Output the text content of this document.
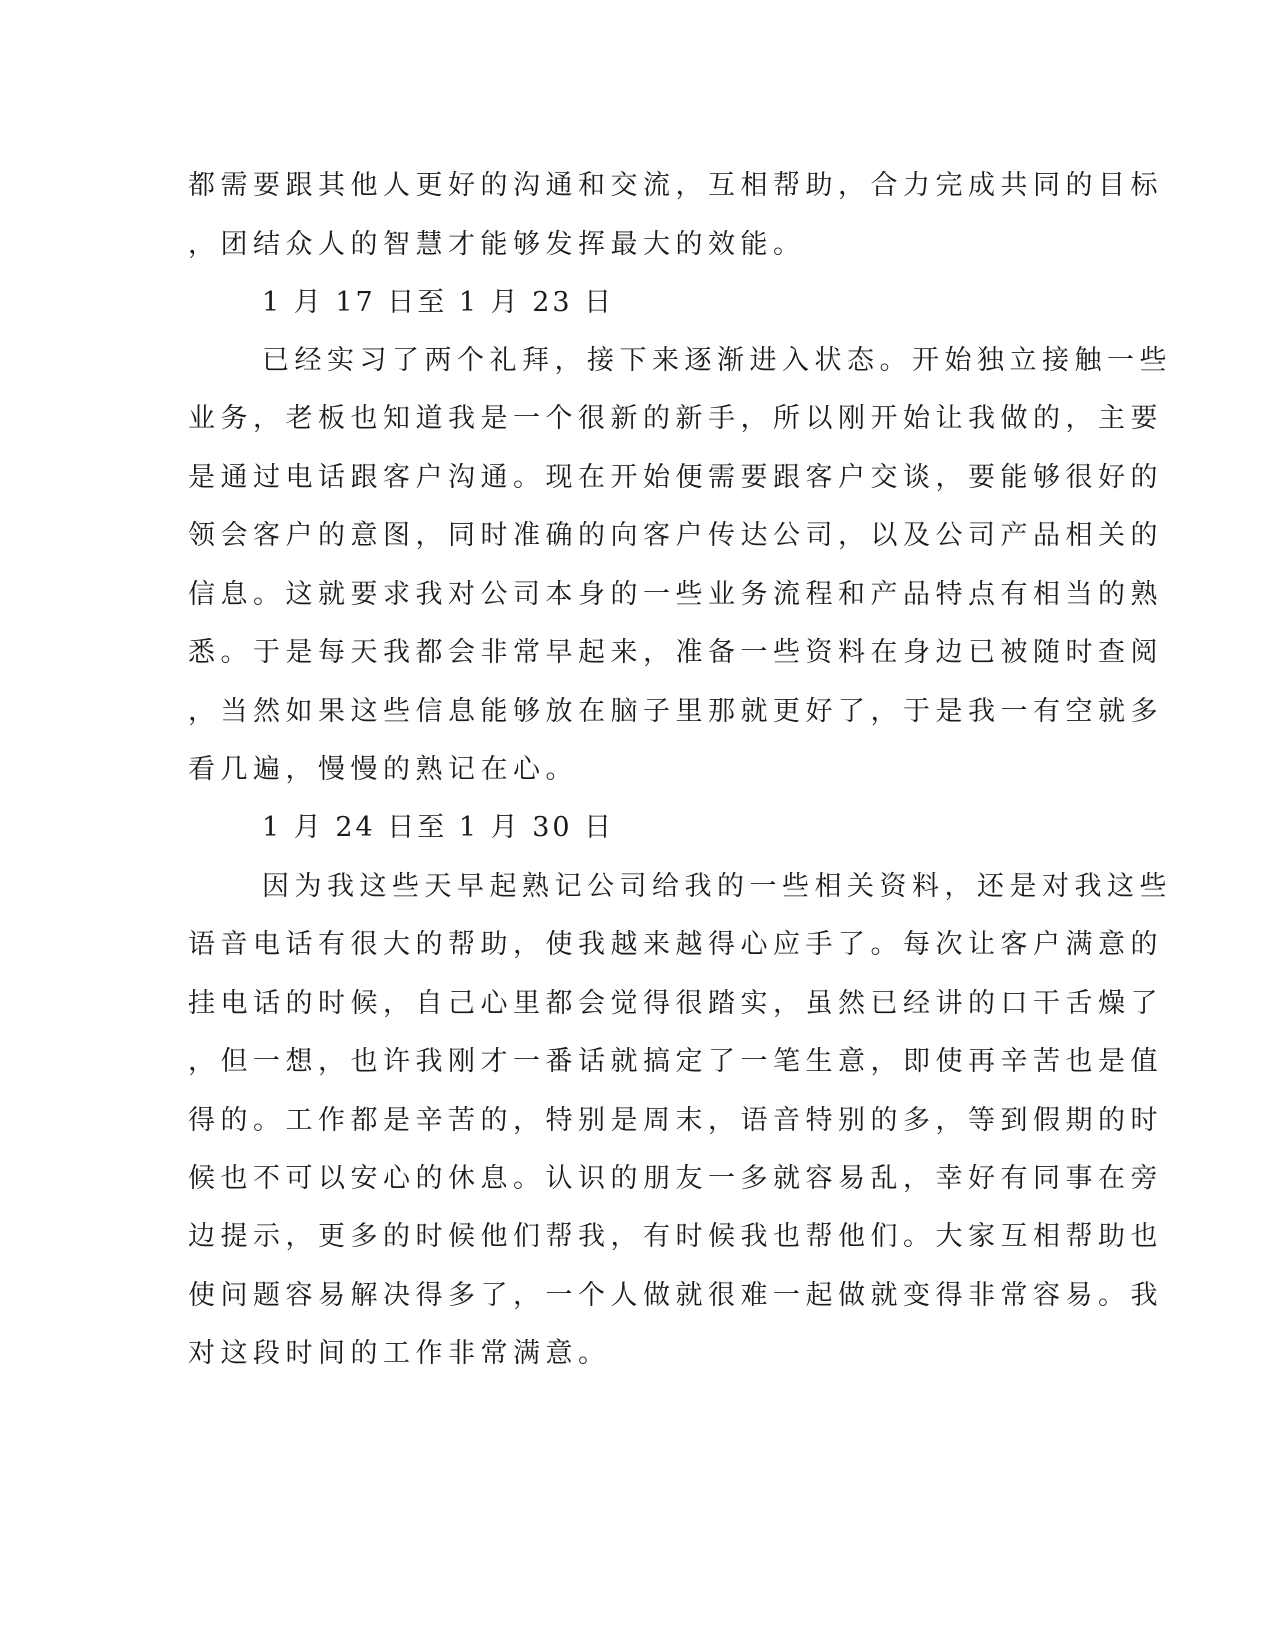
都需要跟其他人更好的沟通和交流，互相帮助，合力完成共同的目标
，团结众人的智慧才能够发挥最大的效能。
1 月 17 日至 1 月 23 日
已经实习了两个礼拜，接下来逐渐进入状态。开始独立接触一些
业务，老板也知道我是一个很新的新手，所以刚开始让我做的，主要
是通过电话跟客户沟通。现在开始便需要跟客户交谈，要能够很好的
领会客户的意图，同时准确的向客户传达公司，以及公司产品相关的
信息。这就要求我对公司本身的一些业务流程和产品特点有相当的熟
悉。于是每天我都会非常早起来，准备一些资料在身边已被随时查阅
，当然如果这些信息能够放在脑子里那就更好了，于是我一有空就多
看几遍，慢慢的熟记在心。
1 月 24 日至 1 月 30 日
因为我这些天早起熟记公司给我的一些相关资料，还是对我这些
语音电话有很大的帮助，使我越来越得心应手了。每次让客户满意的
挂电话的时候，自己心里都会觉得很踏实，虽然已经讲的口干舌燥了
，但一想，也许我刚才一番话就搞定了一笔生意，即使再辛苦也是值
得的。工作都是辛苦的，特别是周末，语音特别的多，等到假期的时
候也不可以安心的休息。认识的朋友一多就容易乱，幸好有同事在旁
边提示，更多的时候他们帮我，有时候我也帮他们。大家互相帮助也
使问题容易解决得多了，一个人做就很难一起做就变得非常容易。我
对这段时间的工作非常满意。
